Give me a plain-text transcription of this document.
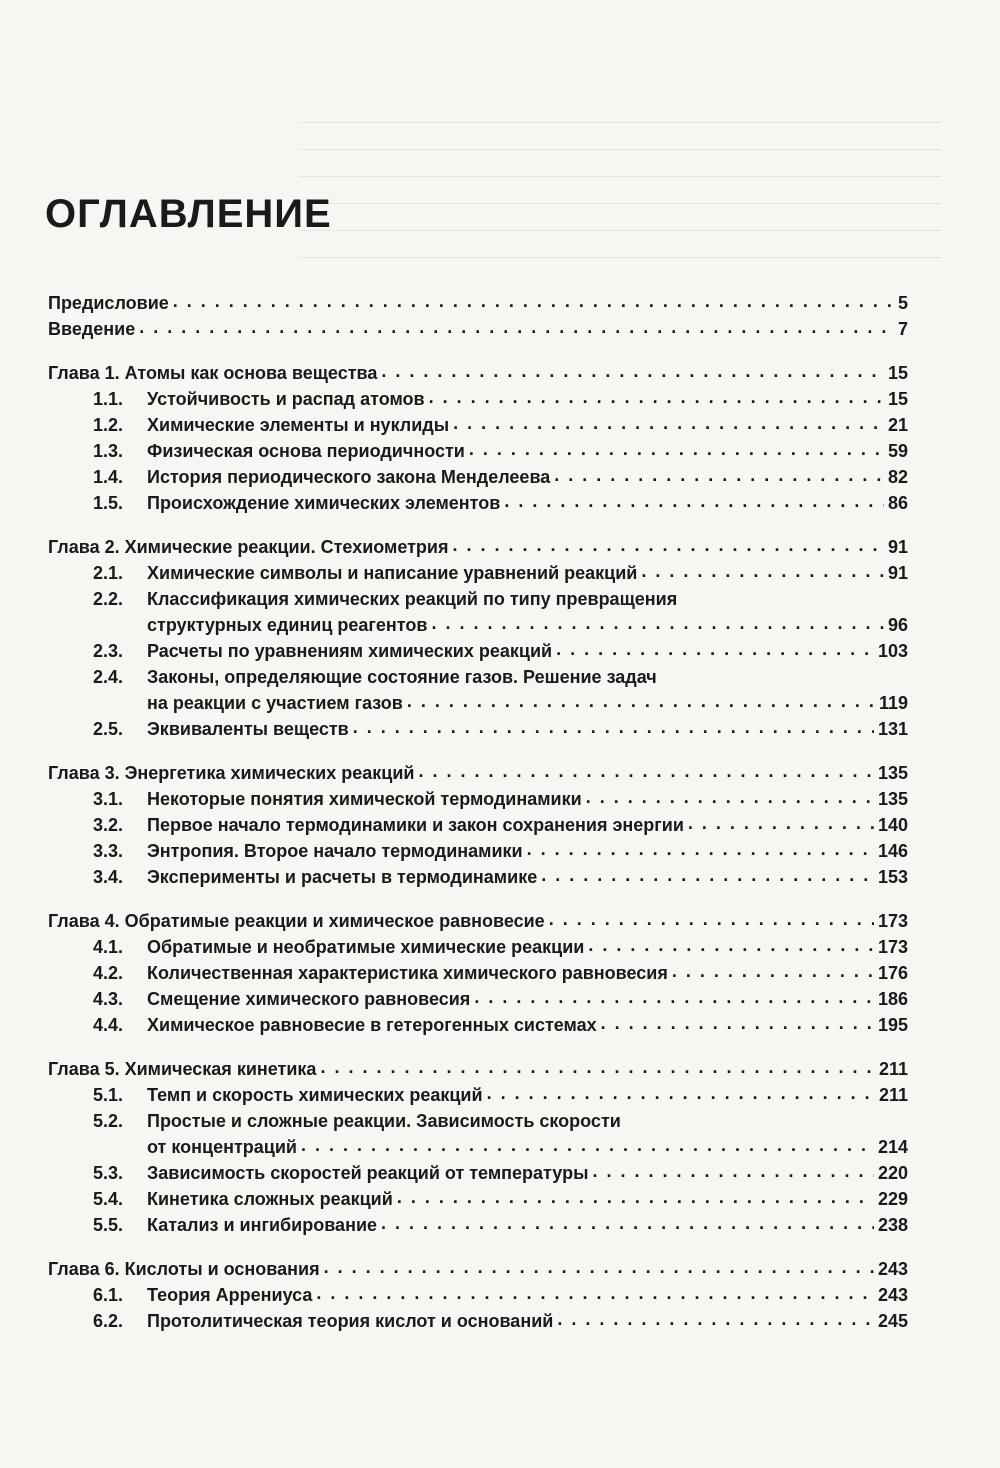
ОГЛАВЛЕНИЕ
Предисловие . . .	5
Введение . . .	7
Глава 1. Атомы как основа вещества . . .	15
1.1.	Устойчивость и распад атомов . . .	15
1.2.	Химические элементы и нуклиды . . .	21
1.3.	Физическая основа периодичности . . .	59
1.4.	История периодического закона Менделеева . . .	82
1.5.	Происхождение химических элементов . . .	86
Глава 2. Химические реакции. Стехиометрия . . .	91
2.1.	Химические символы и написание уравнений реакций . . .	91
2.2.	Классификация химических реакций по типу превращения
структурных единиц реагентов . . .	96
2.3.	Расчеты по уравнениям химических реакций . . .	103
2.4.	Законы, определяющие состояние газов. Решение задач
на реакции с участием газов . . .	119
2.5.	Эквиваленты веществ . . .	131
Глава 3. Энергетика химических реакций . . .	135
3.1.	Некоторые понятия химической термодинамики . . .	135
3.2.	Первое начало термодинамики и закон сохранения энергии . . .	140
3.3.	Энтропия. Второе начало термодинамики . . .	146
3.4.	Эксперименты и расчеты в термодинамике . . .	153
Глава 4. Обратимые реакции и химическое равновесие . . .	173
4.1.	Обратимые и необратимые химические реакции . . .	173
4.2.	Количественная характеристика химического равновесия . . .	176
4.3.	Смещение химического равновесия . . .	186
4.4.	Химическое равновесие в гетерогенных системах . . .	195
Глава 5. Химическая кинетика . . .	211
5.1.	Темп и скорость химических реакций . . .	211
5.2.	Простые и сложные реакции. Зависимость скорости
от концентраций . . .	214
5.3.	Зависимость скоростей реакций от температуры . . .	220
5.4.	Кинетика сложных реакций . . .	229
5.5.	Катализ и ингибирование . . .	238
Глава 6. Кислоты и основания . . .	243
6.1.	Теория Аррениуса . . .	243
6.2.	Протолитическая теория кислот и оснований . . .	245
